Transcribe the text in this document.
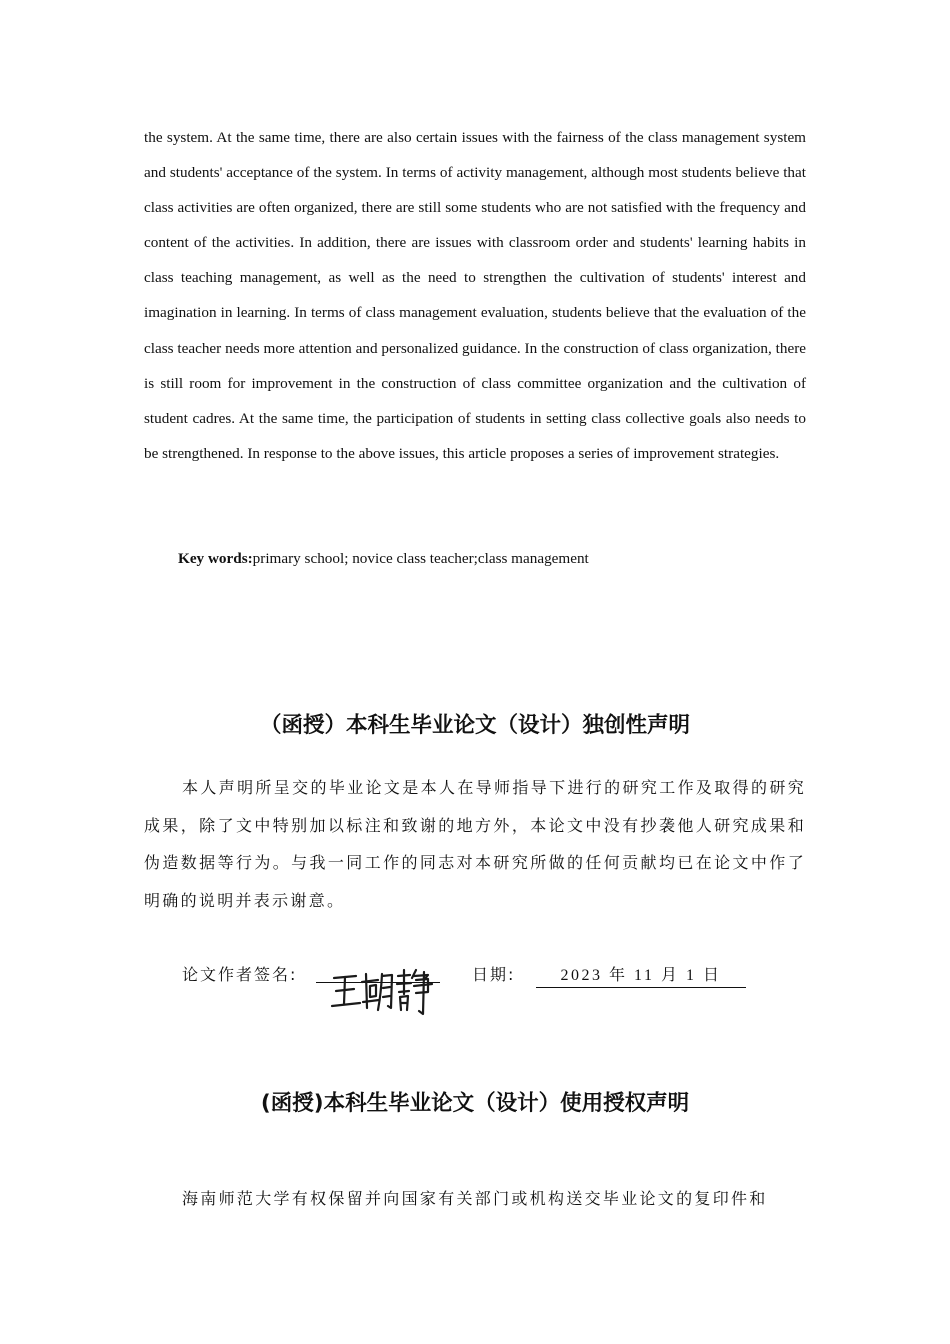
the system. At the same time, there are also certain issues with the fairness of the class management system and students' acceptance of the system. In terms of activity management, although most students believe that class activities are often organized, there are still some students who are not satisfied with the frequency and content of the activities. In addition, there are issues with classroom order and students' learning habits in class teaching management, as well as the need to strengthen the cultivation of students' interest and imagination in learning. In terms of class management evaluation, students believe that the evaluation of the class teacher needs more attention and personalized guidance. In the construction of class organization, there is still room for improvement in the construction of class committee organization and the cultivation of student cadres. At the same time, the participation of students in setting class collective goals also needs to be strengthened. In response to the above issues, this article proposes a series of improvement strategies.
Key words:primary school; novice class teacher;class management
（函授）本科生毕业论文（设计）独创性声明
本人声明所呈交的毕业论文是本人在导师指导下进行的研究工作及取得的研究成果，除了文中特别加以标注和致谢的地方外，本论文中没有抄袭他人研究成果和伪造数据等行为。与我一同工作的同志对本研究所做的任何贡献均已在论文中作了明确的说明并表示谢意。
论文作者签名:	日期:	2023 年 11 月 1 日
(函授)本科生毕业论文（设计）使用授权声明
海南师范大学有权保留并向国家有关部门或机构送交毕业论文的复印件和
